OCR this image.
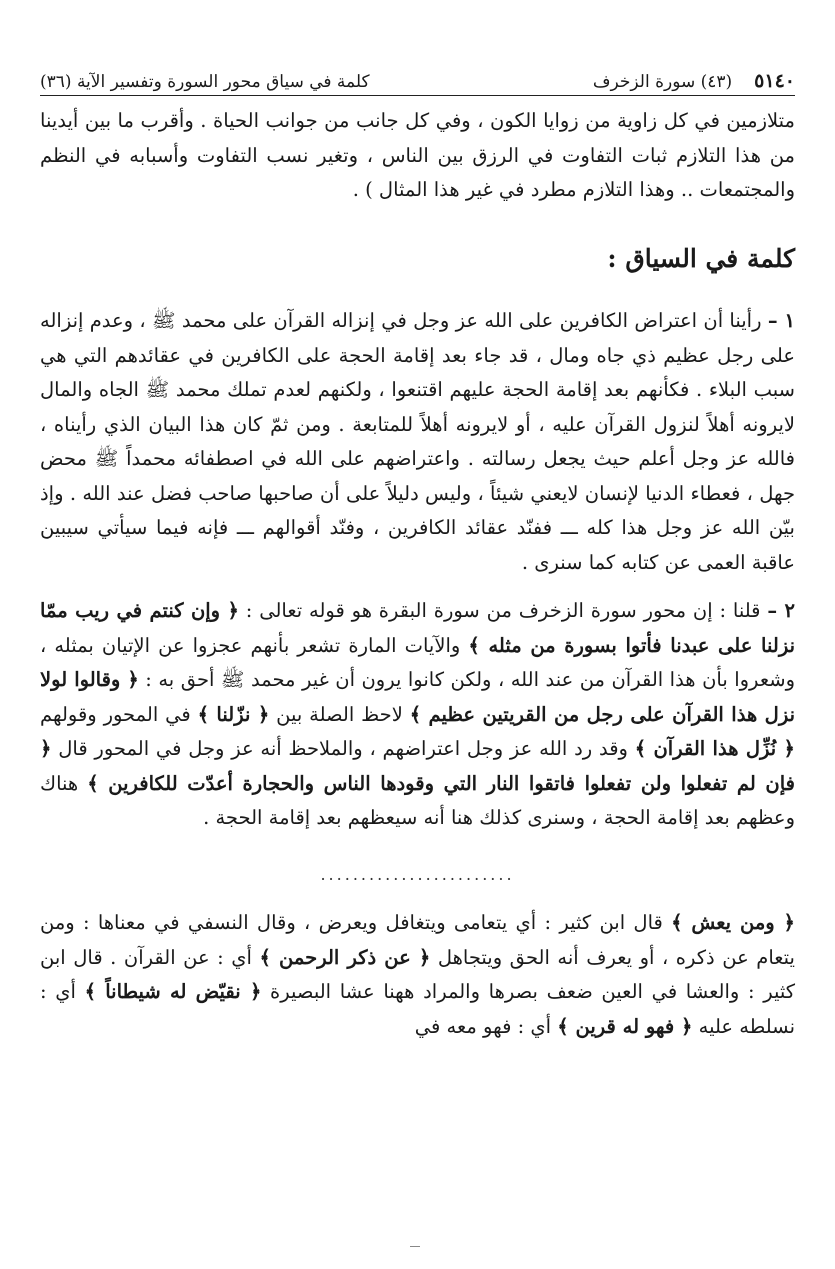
٥١٤٠
(٤٣) سورة الزخرف
كلمة في سياق محور السورة وتفسير الآية (٣٦)

متلازمين في كل زاوية من زوايا الكون ، وفي كل جانب من جوانب الحياة . وأقرب ما بين أيدينا من هذا التلازم ثبات التفاوت في الرزق بين الناس ، وتغير نسب التفاوت وأسبابه في النظم والمجتمعات .. وهذا التلازم مطرد في غير هذا المثال ) .

كلمة في السياق :

١ – رأينا أن اعتراض الكافرين على الله عز وجل في إنزاله القرآن على محمد ﷺ ، وعدم إنزاله على رجل عظيم ذي جاه ومال ، قد جاء بعد إقامة الحجة على الكافرين في عقائدهم التي هي سبب البلاء . فكأنهم بعد إقامة الحجة عليهم اقتنعوا ، ولكنهم لعدم تملك محمد ﷺ الجاه والمال لايرونه أهلاً لنزول القرآن عليه ، أو لايرونه أهلاً للمتابعة . ومن ثمّ كان هذا البيان الذي رأيناه ، فالله عز وجل أعلم حيث يجعل رسالته . واعتراضهم على الله في اصطفائه محمداً ﷺ محض جهل ، فعطاء الدنيا لإنسان لايعني شيئاً ، وليس دليلاً على أن صاحبها صاحب فضل عند الله . وإذ بيّن الله عز وجل هذا كله ـــ ففنّد عقائد الكافرين ، وفنّد أقوالهم ـــ فإنه فيما سيأتي سيبين عاقبة العمى عن كتابه كما سنرى .

٢ – قلنا : إن محور سورة الزخرف من سورة البقرة هو قوله تعالى : ﴿ وإن كنتم في ريب ممّا نزلنا على عبدنا فأتوا بسورة من مثله ﴾ والآيات المارة تشعر بأنهم عجزوا عن الإتيان بمثله ، وشعروا بأن هذا القرآن من عند الله ، ولكن كانوا يرون أن غير محمد ﷺ أحق به : ﴿ وقالوا لولا نزل هذا القرآن على رجل من القريتين عظيم ﴾ لاحظ الصلة بين ﴿ نزّلنا ﴾ في المحور وقولهم ﴿ نُزِّل هذا القرآن ﴾ وقد رد الله عز وجل اعتراضهم ، والملاحظ أنه عز وجل في المحور قال ﴿ فإن لم تفعلوا ولن تفعلوا فاتقوا النار التي وقودها الناس والحجارة أعدّت للكافرين ﴾ هناك وعظهم بعد إقامة الحجة ، وسنرى كذلك هنا أنه سيعظهم بعد إقامة الحجة .

........................

﴿ ومن يعش ﴾ قال ابن كثير : أي يتعامى ويتغافل ويعرض ، وقال النسفي في معناها : ومن يتعام عن ذكره ، أو يعرف أنه الحق ويتجاهل ﴿ عن ذكر الرحمن ﴾ أي : عن القرآن . قال ابن كثير : والعشا في العين ضعف بصرها والمراد ههنا عشا البصيرة ﴿ نقيّض له شيطاناً ﴾ أي : نسلطه عليه ﴿ فهو له قرين ﴾ أي : فهو معه في
